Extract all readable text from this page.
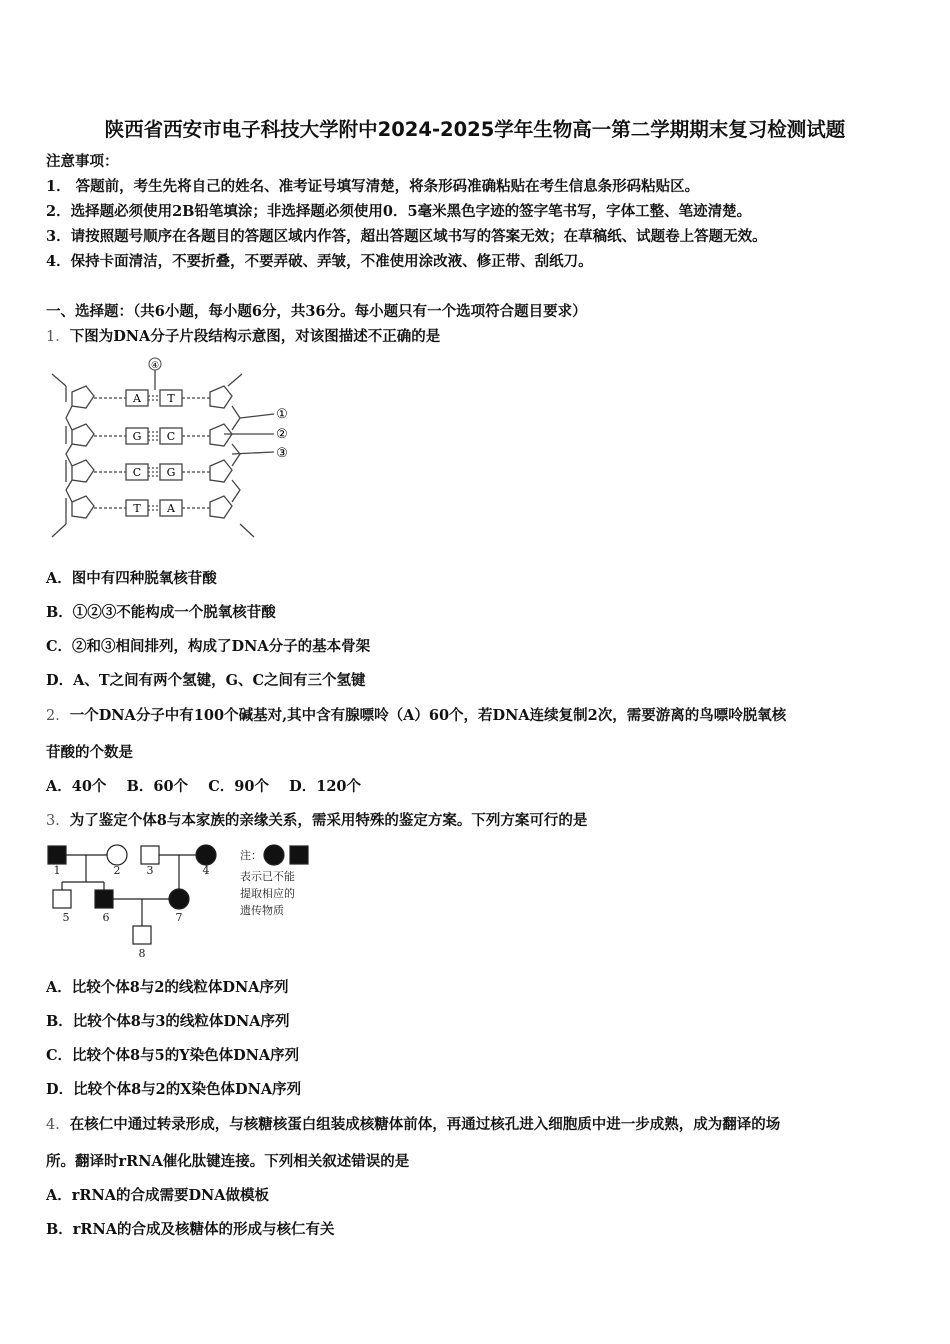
陕西省西安市电子科技大学附中2024-2025学年生物高一第二学期期末复习检测试题
注意事项：
1． 答题前，考生先将自己的姓名、准考证号填写清楚，将条形码准确粘贴在考生信息条形码粘贴区。
2．选择题必须使用2B铅笔填涂；非选择题必须使用0．5毫米黑色字迹的签字笔书写，字体工整、笔迹清楚。
3．请按照题号顺序在各题目的答题区域内作答，超出答题区域书写的答案无效；在草稿纸、试题卷上答题无效。
4．保持卡面清洁，不要折叠，不要弄破、弄皱，不准使用涂改液、修正带、刮纸刀。
一、选择题：（共6小题，每小题6分，共36分。每小题只有一个选项符合题目要求）
1．下图为DNA分子片段结构示意图，对该图描述不正确的是
④
A T
G C
C G
T A
①
②
③
A．图中有四种脱氧核苷酸
B．①②③不能构成一个脱氧核苷酸
C．②和③相间排列，构成了DNA分子的基本骨架
D．A、T之间有两个氢键，G、C之间有三个氢键
2．一个DNA分子中有100个碱基对,其中含有腺嘌呤（A）60个，若DNA连续复制2次，需要游离的鸟嘌呤脱氧核
苷酸的个数是
A．40个    B．60个    C．90个    D．120个
3．为了鉴定个体8与本家族的亲缘关系，需采用特殊的鉴定方案。下列方案可行的是
1	2 3	4
5	6	7
8
注：
表示已不能
提取相应的
遗传物质
A．比较个体8与2的线粒体DNA序列
B．比较个体8与3的线粒体DNA序列
C．比较个体8与5的Y染色体DNA序列
D．比较个体8与2的X染色体DNA序列
4．在核仁中通过转录形成，与核糖核蛋白组装成核糖体前体，再通过核孔进入细胞质中进一步成熟，成为翻译的场
所。翻译时rRNA催化肽键连接。下列相关叙述错误的是
A．rRNA的合成需要DNA做模板
B．rRNA的合成及核糖体的形成与核仁有关
